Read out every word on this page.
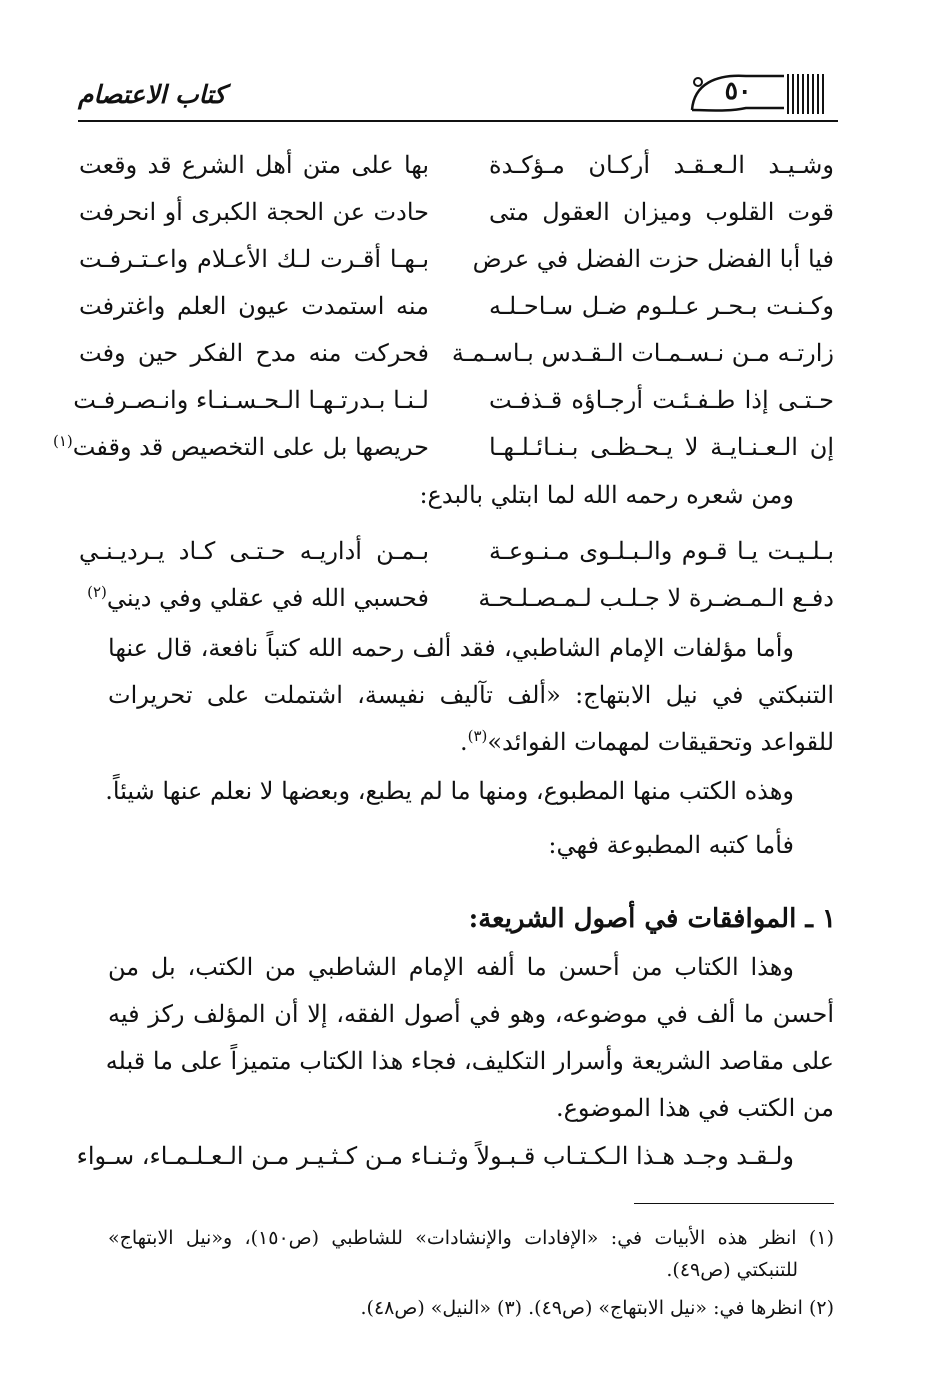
كتاب الاعتصام	٥٠
وشـيـد الـعـقـد أركـان مـؤكـدة
بها على متن أهل الشرع قد وقعت
قوت القلوب وميزان العقول متى
حادت عن الحجة الكبرى أو انحرفت
فيا أبا الفضل حزت الفضل في عرض
بـهـا أقـرت لـك الأعـلام واعـتـرفـت
وكـنـت بـحـر عـلـوم ضـل سـاحـلـه
منه استمدت عيون العلم واغترفت
زارتـه مـن نـسـمـات الـقـدس بـاسـمـة
فحركت منه مدح الفكر حين وفت
حـتـى إذا طـفـئـت أرجـاؤه قـذفـت
لـنـا بـدرتـهـا الـحـسـنـاء وانـصـرفـت
إن الـعـنـايـة لا يـحـظـى بـنـائـلـهـا
حريصها بل على التخصيص قد وقفت$^{(١)}$
ومن شعره رحمه الله لما ابتلي بالبدع:
بـلـيـت يـا قـوم والـبـلـوى مـنـوعـة
بـمـن أداريـه حـتـى كـاد يـرديـنـي
دفـع الـمـضـرة لا جـلـب لـمـصـلـحـة
فحسبي الله في عقلي وفي ديني$^{(٢)}$
وأما مؤلفات الإمام الشاطبي، فقد ألف رحمه الله كتباً نافعة، قال عنها
التنبكتي في نيل الابتهاج: «ألف تآليف نفيسة، اشتملت على تحريرات
للقواعد وتحقيقات لمهمات الفوائد»$^{(٣)}$.
وهذه الكتب منها المطبوع، ومنها ما لم يطبع، وبعضها لا نعلم عنها شيئاً.
فأما كتبه المطبوعة فهي:
١ ـ الموافقات في أصول الشريعة:
وهذا الكتاب من أحسن ما ألفه الإمام الشاطبي من الكتب، بل من
أحسن ما ألف في موضوعه، وهو في أصول الفقه، إلا أن المؤلف ركز فيه
على مقاصد الشريعة وأسرار التكليف، فجاء هذا الكتاب متميزاً على ما قبله
من الكتب في هذا الموضوع.
ولـقـد وجـد هـذا الـكـتـاب قـبـولاً وثـنـاء مـن كـثـيـر مـن الـعـلـمـاء، سـواء
(١) انظر هذه الأبيات في: «الإفادات والإنشادات» للشاطبي (ص١٥٠)، و«نيل الابتهاج»
للتنبكتي (ص٤٩).
(٢) انظرها في: «نيل الابتهاج» (ص٤٩). (٣) «النيل» (ص٤٨).
